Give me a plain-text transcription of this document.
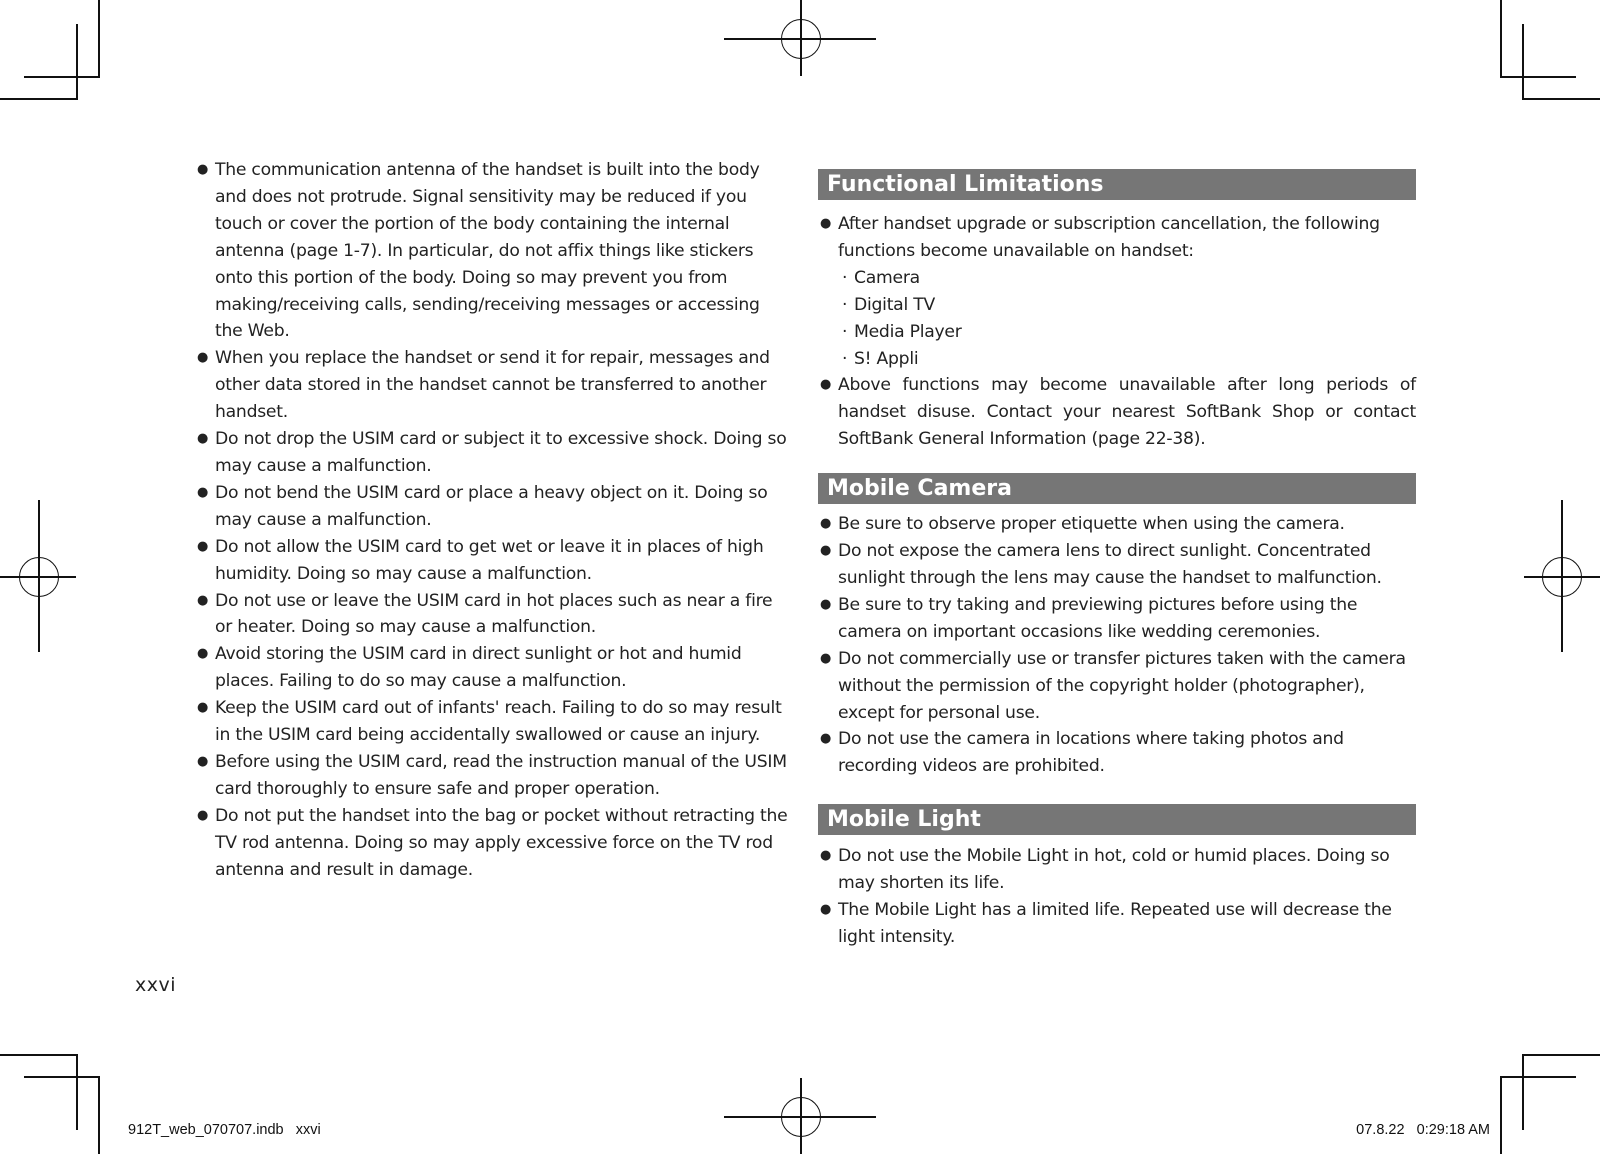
● The communication antenna of the handset is built into the body and does not protrude. Signal sensitivity may be reduced if you touch or cover the portion of the body containing the internal antenna (page 1-7). In particular, do not affix things like stickers onto this portion of the body. Doing so may prevent you from making/receiving calls, sending/receiving messages or accessing the Web.
● When you replace the handset or send it for repair, messages and other data stored in the handset cannot be transferred to another handset.
● Do not drop the USIM card or subject it to excessive shock. Doing so may cause a malfunction.
● Do not bend the USIM card or place a heavy object on it. Doing so may cause a malfunction.
● Do not allow the USIM card to get wet or leave it in places of high humidity. Doing so may cause a malfunction.
● Do not use or leave the USIM card in hot places such as near a fire or heater. Doing so may cause a malfunction.
● Avoid storing the USIM card in direct sunlight or hot and humid places. Failing to do so may cause a malfunction.
● Keep the USIM card out of infants' reach. Failing to do so may result in the USIM card being accidentally swallowed or cause an injury.
● Before using the USIM card, read the instruction manual of the USIM card thoroughly to ensure safe and proper operation.
● Do not put the handset into the bag or pocket without retracting the TV rod antenna. Doing so may apply excessive force on the TV rod antenna and result in damage.
Functional Limitations
● After handset upgrade or subscription cancellation, the following functions become unavailable on handset:
· Camera
· Digital TV
· Media Player
· S! Appli
● Above functions may become unavailable after long periods of handset disuse. Contact your nearest SoftBank Shop or contact SoftBank General Information (page 22-38).
Mobile Camera
● Be sure to observe proper etiquette when using the camera.
● Do not expose the camera lens to direct sunlight. Concentrated sunlight through the lens may cause the handset to malfunction.
● Be sure to try taking and previewing pictures before using the camera on important occasions like wedding ceremonies.
● Do not commercially use or transfer pictures taken with the camera without the permission of the copyright holder (photographer), except for personal use.
● Do not use the camera in locations where taking photos and recording videos are prohibited.
Mobile Light
● Do not use the Mobile Light in hot, cold or humid places. Doing so may shorten its life.
● The Mobile Light has a limited life. Repeated use will decrease the light intensity.
xxvi
912T_web_070707.indb   xxvi	07.8.22   0:29:18 AM
